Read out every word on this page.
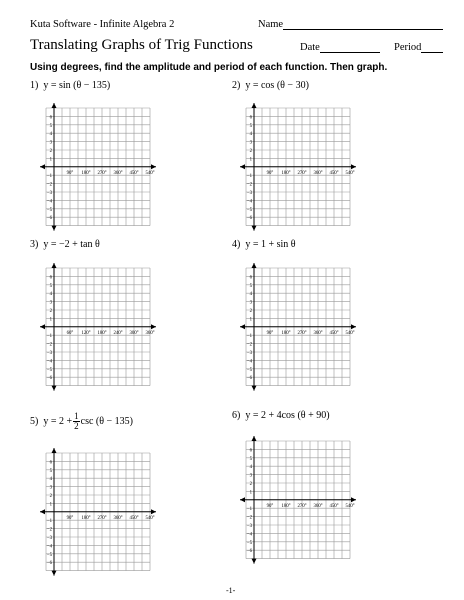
Kuta Software - Infinite Algebra 2	Name
Translating Graphs of Trig Functions	Date	Period
Using degrees, find the amplitude and period of each function. Then graph.
1) y = sin (θ − 135)	2) y = cos (θ − 30)
3) y = −2 + tan θ	4) y = 1 + sin θ
5) $y = 2 + \frac{1}{2}$ csc (θ − 135)
6) y = 2 + 4cos (θ + 90)
6
5
4
3
2
1
−1
−2
−3
−4
−5
−6
90° 180° 270° 360° 450° 540°
6
5
4
3
2
1
−1
−2
−3
−4
−5
−6
90° 180° 270° 360° 450° 540°
6
5
4
3
2
1
−1
−2
−3
−4
−5
−6
60° 120° 180° 240° 300° 360°
6
5
4
3
2
1
−1
−2
−3
−4
−5
−6
90° 180° 270° 360° 450° 540°
6
5
4
3
2
1
−1
−2
−3
−4
−5
−6
90° 180° 270° 360° 450° 540°
6
5
4
3
2
1
−1
−2
−3
−4
−5
−6
90° 180° 270° 360° 450° 540°
-1-
